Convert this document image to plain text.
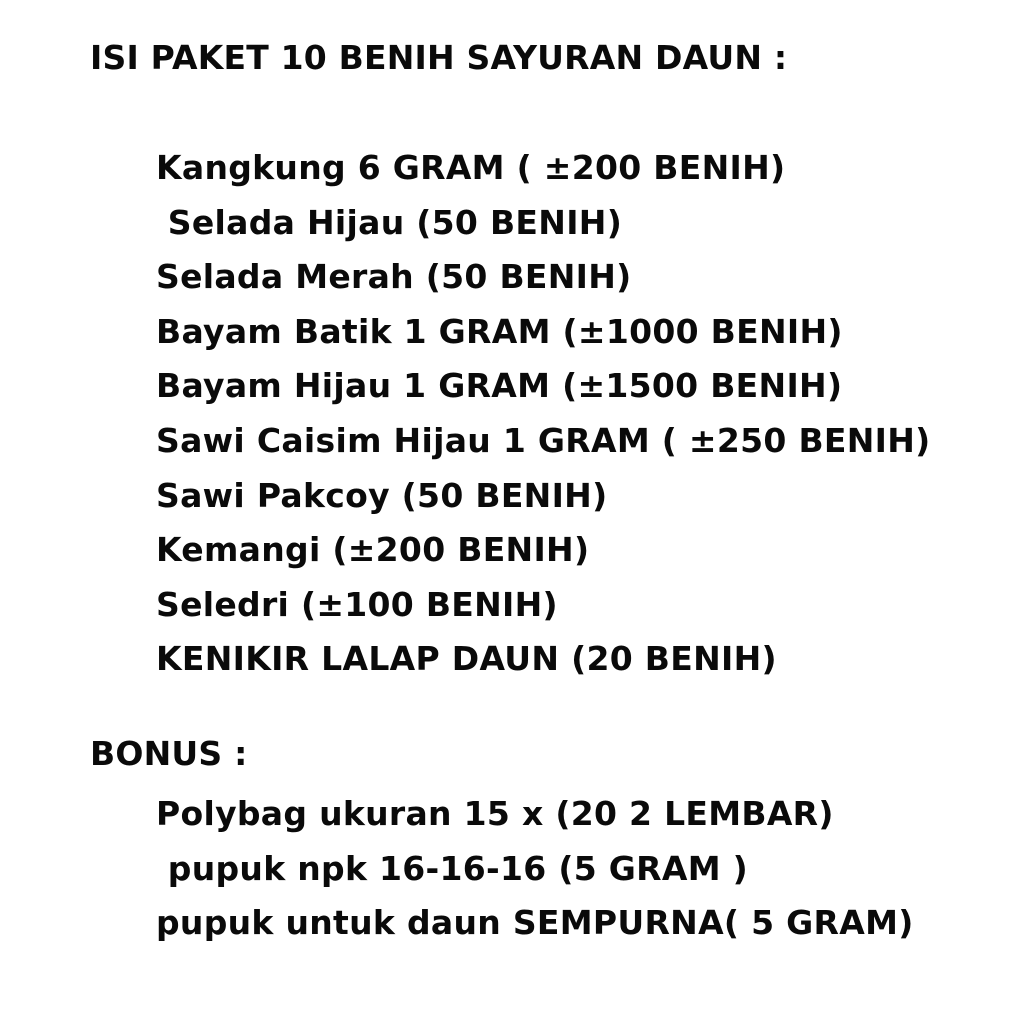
ISI PAKET 10 BENIH SAYURAN DAUN :
Kangkung 6 GRAM ( ±200 BENIH)
Selada Hijau (50 BENIH)
Selada Merah (50 BENIH)
Bayam Batik 1 GRAM (±1000 BENIH)
Bayam Hijau 1 GRAM (±1500 BENIH)
Sawi Caisim Hijau 1 GRAM ( ±250 BENIH)
Sawi Pakcoy (50 BENIH)
Kemangi (±200 BENIH)
Seledri (±100 BENIH)
KENIKIR LALAP DAUN (20 BENIH)
BONUS :
Polybag ukuran 15 x (20 2 LEMBAR)
pupuk npk 16-16-16 (5 GRAM )
pupuk untuk daun SEMPURNA( 5 GRAM)
